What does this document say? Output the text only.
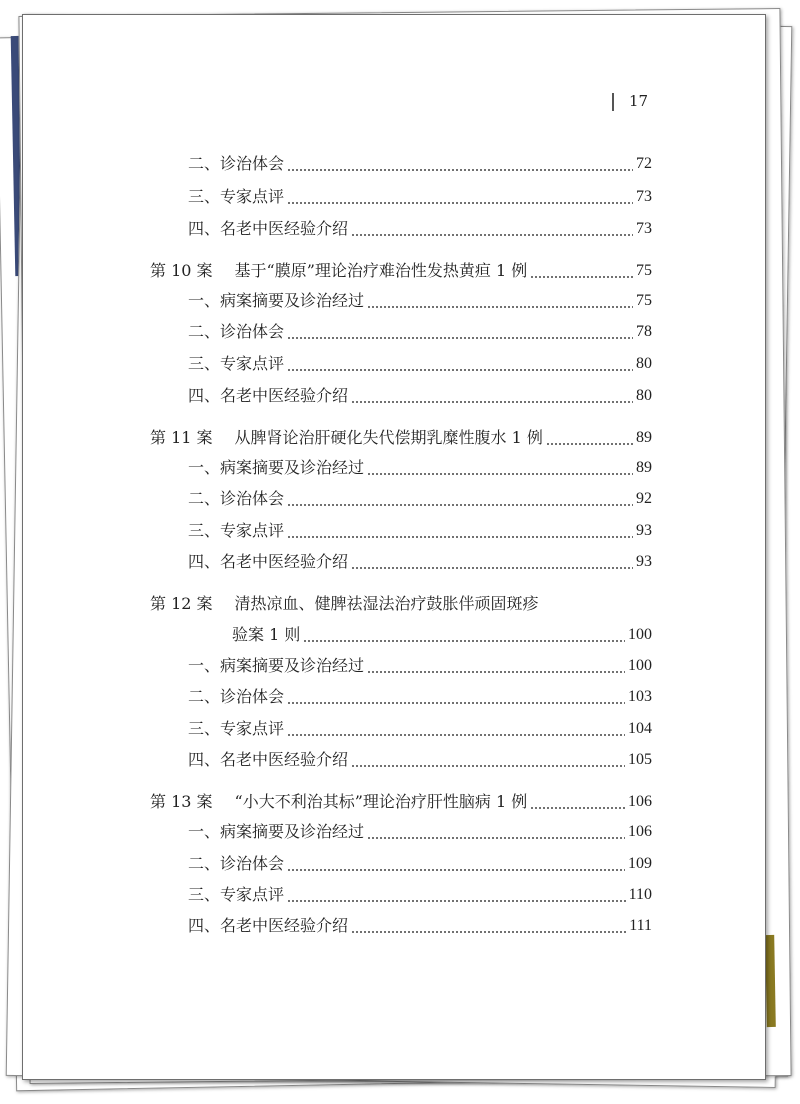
17
二、诊治体会	72
三、专家点评	73
四、名老中医经验介绍	73
第 10 案 基于“膜原”理论治疗难治性发热黄疸 1 例	75
一、病案摘要及诊治经过	75
二、诊治体会	78
三、专家点评	80
四、名老中医经验介绍	80
第 11 案 从脾肾论治肝硬化失代偿期乳糜性腹水 1 例	89
一、病案摘要及诊治经过	89
二、诊治体会	92
三、专家点评	93
四、名老中医经验介绍	93
第 12 案 清热凉血、健脾祛湿法治疗鼓胀伴顽固斑疹
验案 1 则	100
一、病案摘要及诊治经过	100
二、诊治体会	103
三、专家点评	104
四、名老中医经验介绍	105
第 13 案 “小大不利治其标”理论治疗肝性脑病 1 例	106
一、病案摘要及诊治经过	106
二、诊治体会	109
三、专家点评	110
四、名老中医经验介绍	111
